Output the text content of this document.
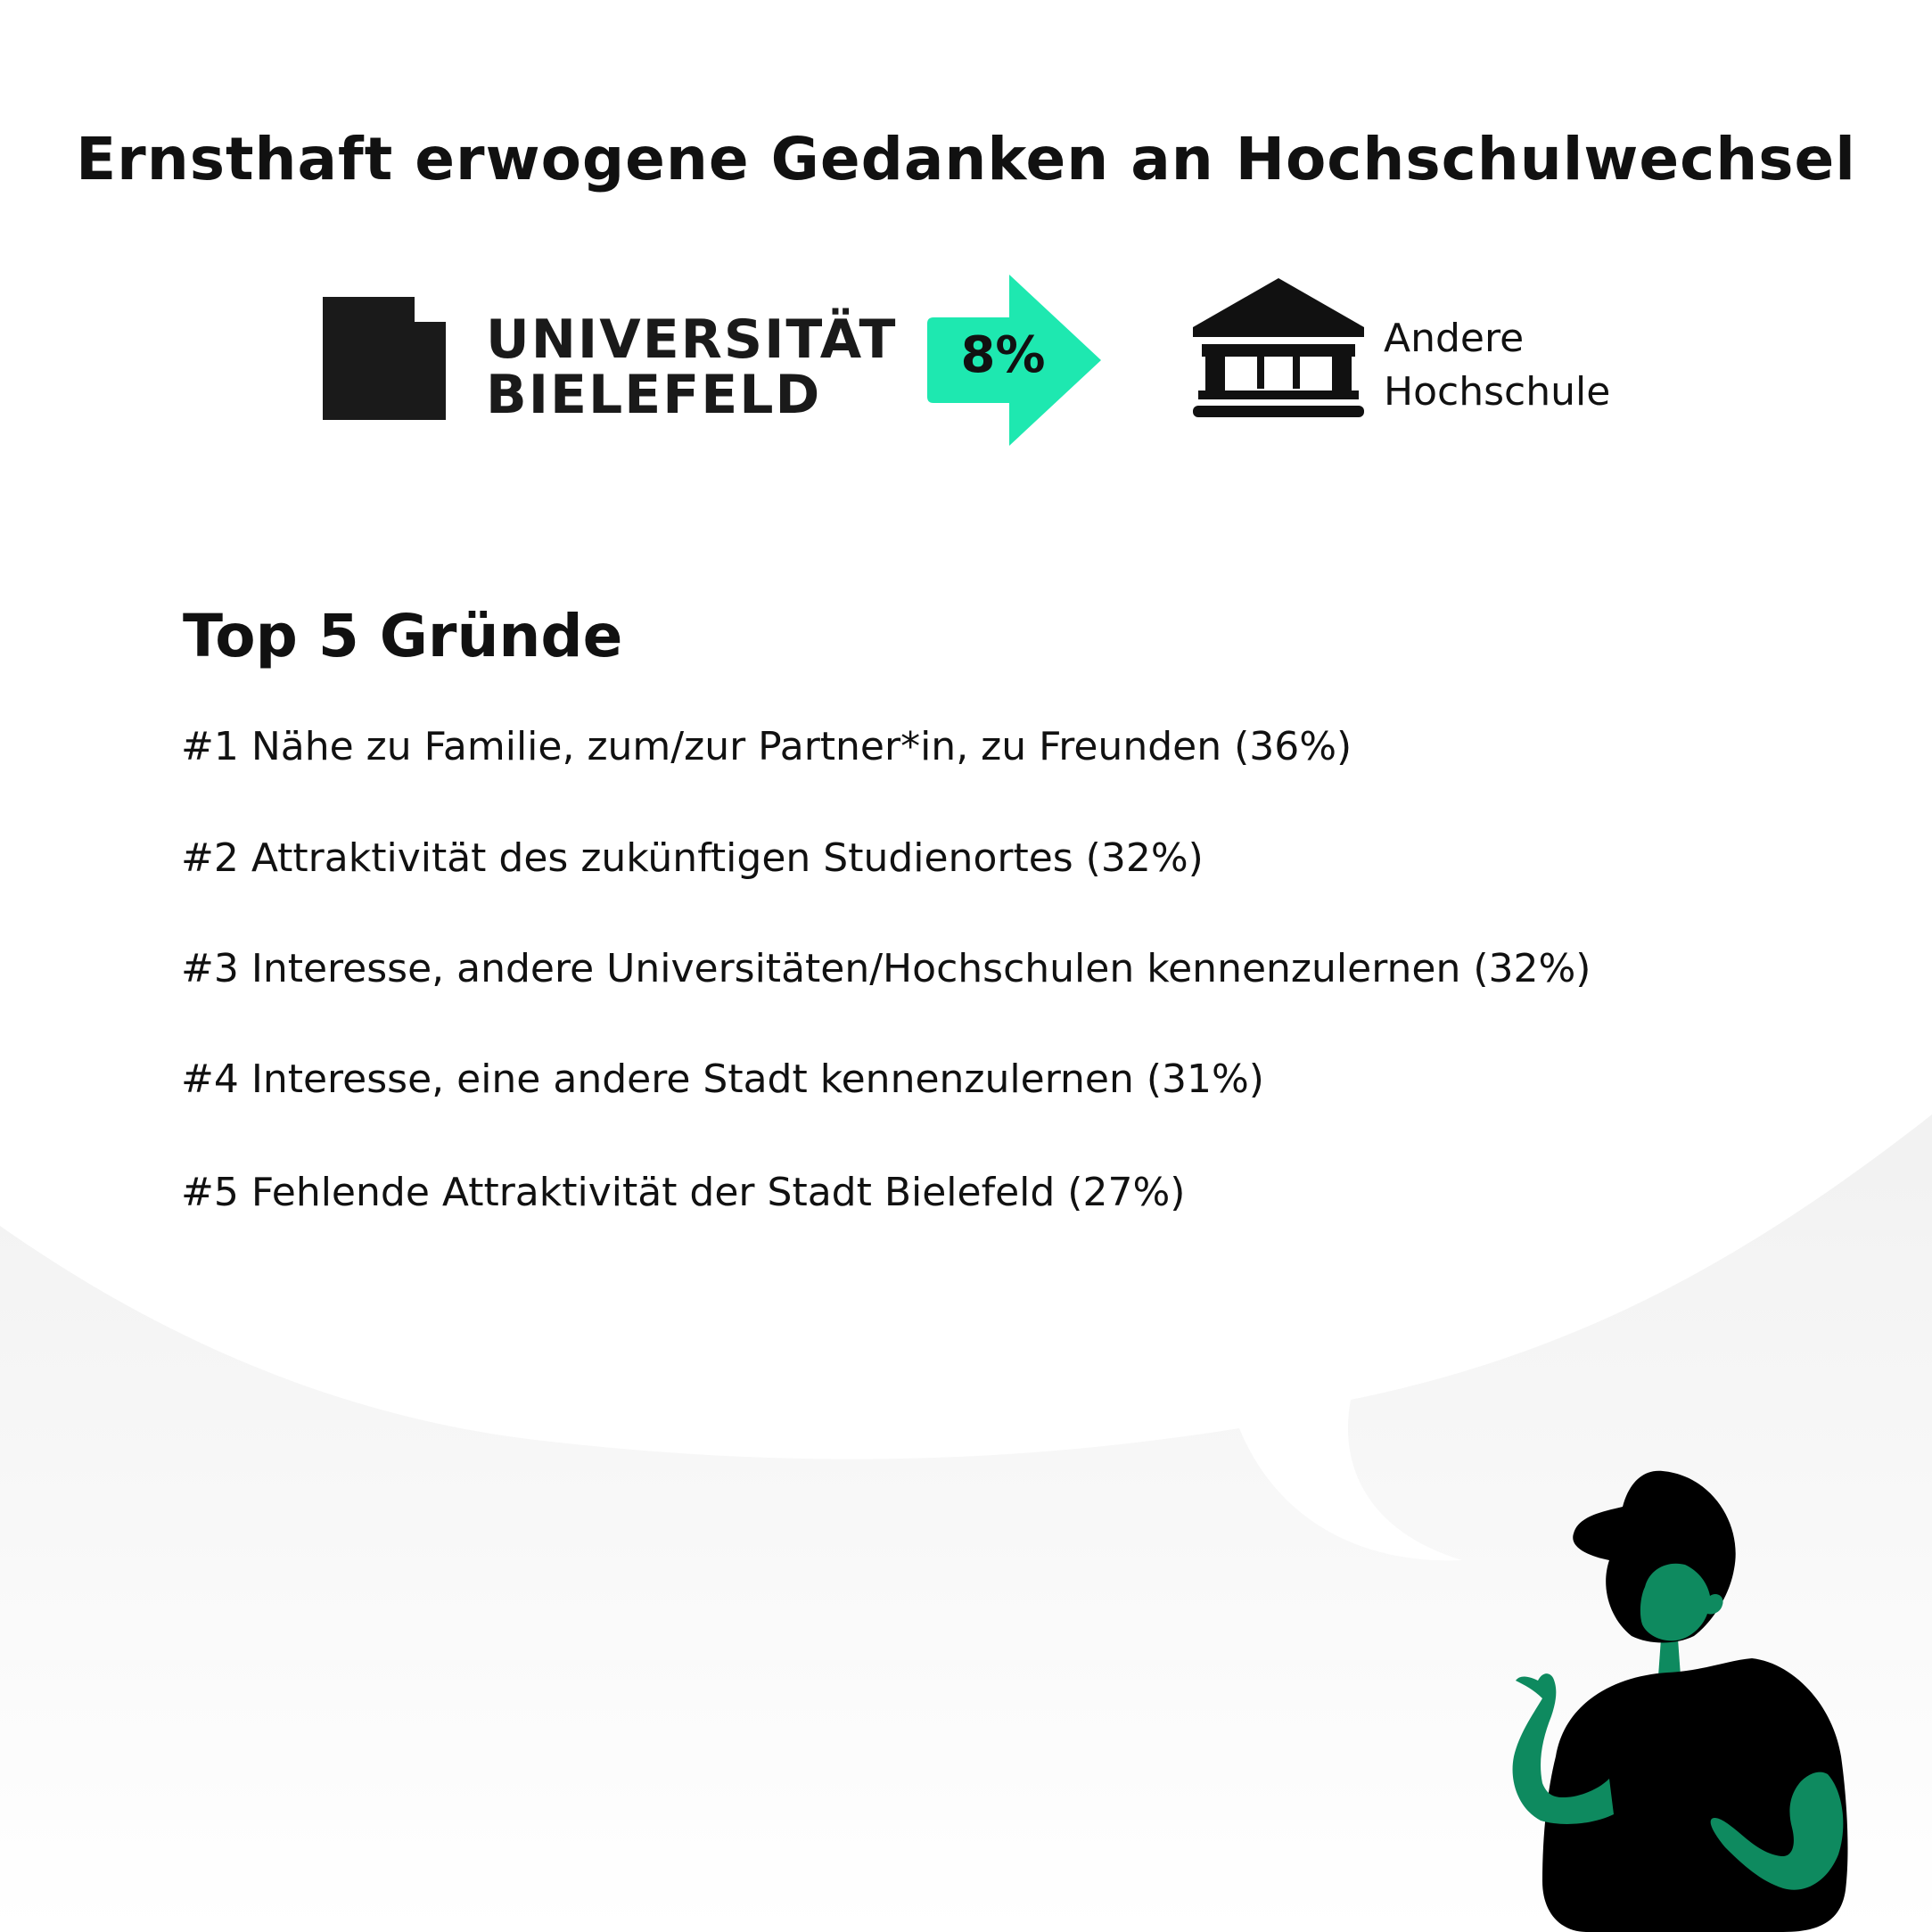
Ernsthaft erwogene Gedanken an Hochschulwechsel
UNIVERSITÄT
BIELEFELD
8%	Andere
Hochschule
Top 5 Gründe
#1 Nähe zu Familie, zum/zur Partner*in, zu Freunden (36%)
#2 Attraktivität des zukünftigen Studienortes (32%)
#3 Interesse, andere Universitäten/Hochschulen kennenzulernen (32%)
#4 Interesse, eine andere Stadt kennenzulernen (31%)
#5 Fehlende Attraktivität der Stadt Bielefeld (27%)
